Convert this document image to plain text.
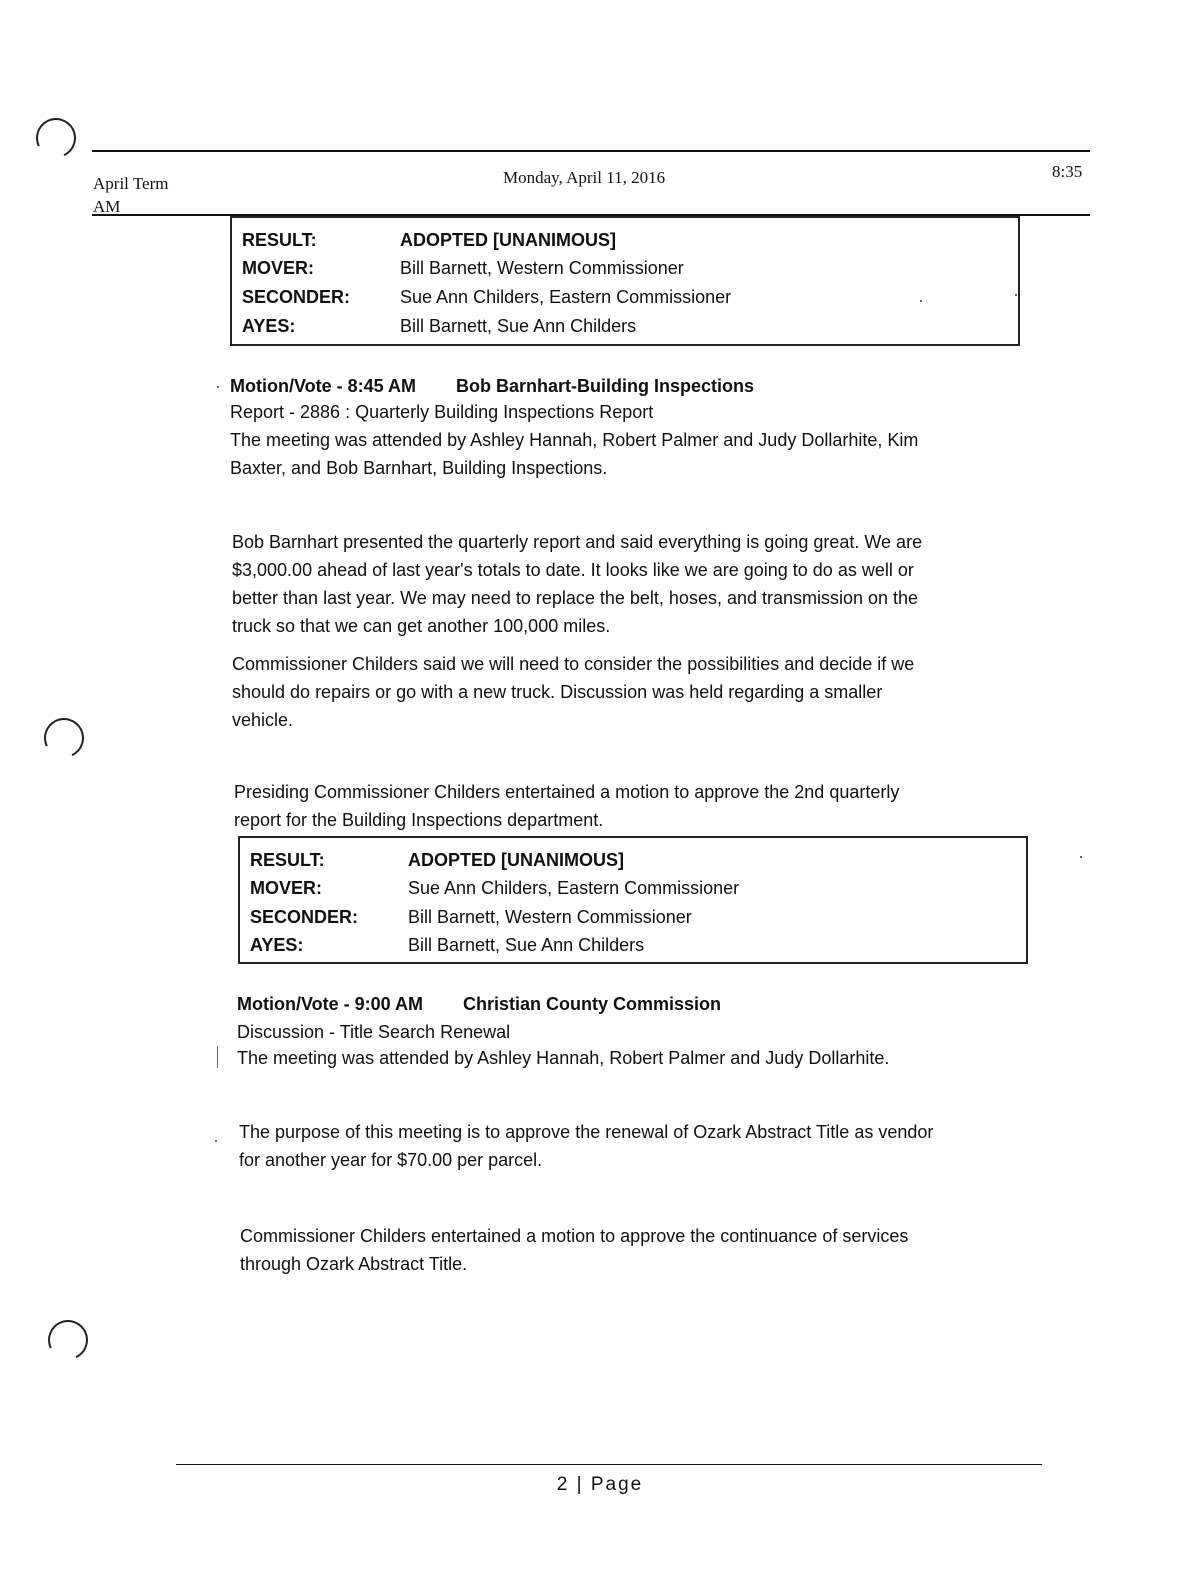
April Term
AM
Monday, April 11, 2016	8:35
RESULT:	ADOPTED [UNANIMOUS]
MOVER:	Bill Barnett, Western Commissioner
SECONDER:	Sue Ann Childers, Eastern Commissioner
AYES:	Bill Barnett, Sue Ann Childers
Motion/Vote - 8:45 AM Bob Barnhart-Building Inspections
Report - 2886 : Quarterly Building Inspections Report
The meeting was attended by Ashley Hannah, Robert Palmer and Judy Dollarhite, Kim
Baxter, and Bob Barnhart, Building Inspections.
Bob Barnhart presented the quarterly report and said everything is going great. We are
$3,000.00 ahead of last year's totals to date. It looks like we are going to do as well or
better than last year. We may need to replace the belt, hoses, and transmission on the
truck so that we can get another 100,000 miles.
Commissioner Childers said we will need to consider the possibilities and decide if we
should do repairs or go with a new truck. Discussion was held regarding a smaller
vehicle.
Presiding Commissioner Childers entertained a motion to approve the 2nd quarterly
report for the Building Inspections department.
RESULT:	ADOPTED [UNANIMOUS]
MOVER:	Sue Ann Childers, Eastern Commissioner
SECONDER:	Bill Barnett, Western Commissioner
AYES:	Bill Barnett, Sue Ann Childers
Motion/Vote - 9:00 AM Christian County Commission
Discussion - Title Search Renewal
The meeting was attended by Ashley Hannah, Robert Palmer and Judy Dollarhite.
The purpose of this meeting is to approve the renewal of Ozark Abstract Title as vendor
for another year for $70.00 per parcel.
Commissioner Childers entertained a motion to approve the continuance of services
through Ozark Abstract Title.
2 | Page
